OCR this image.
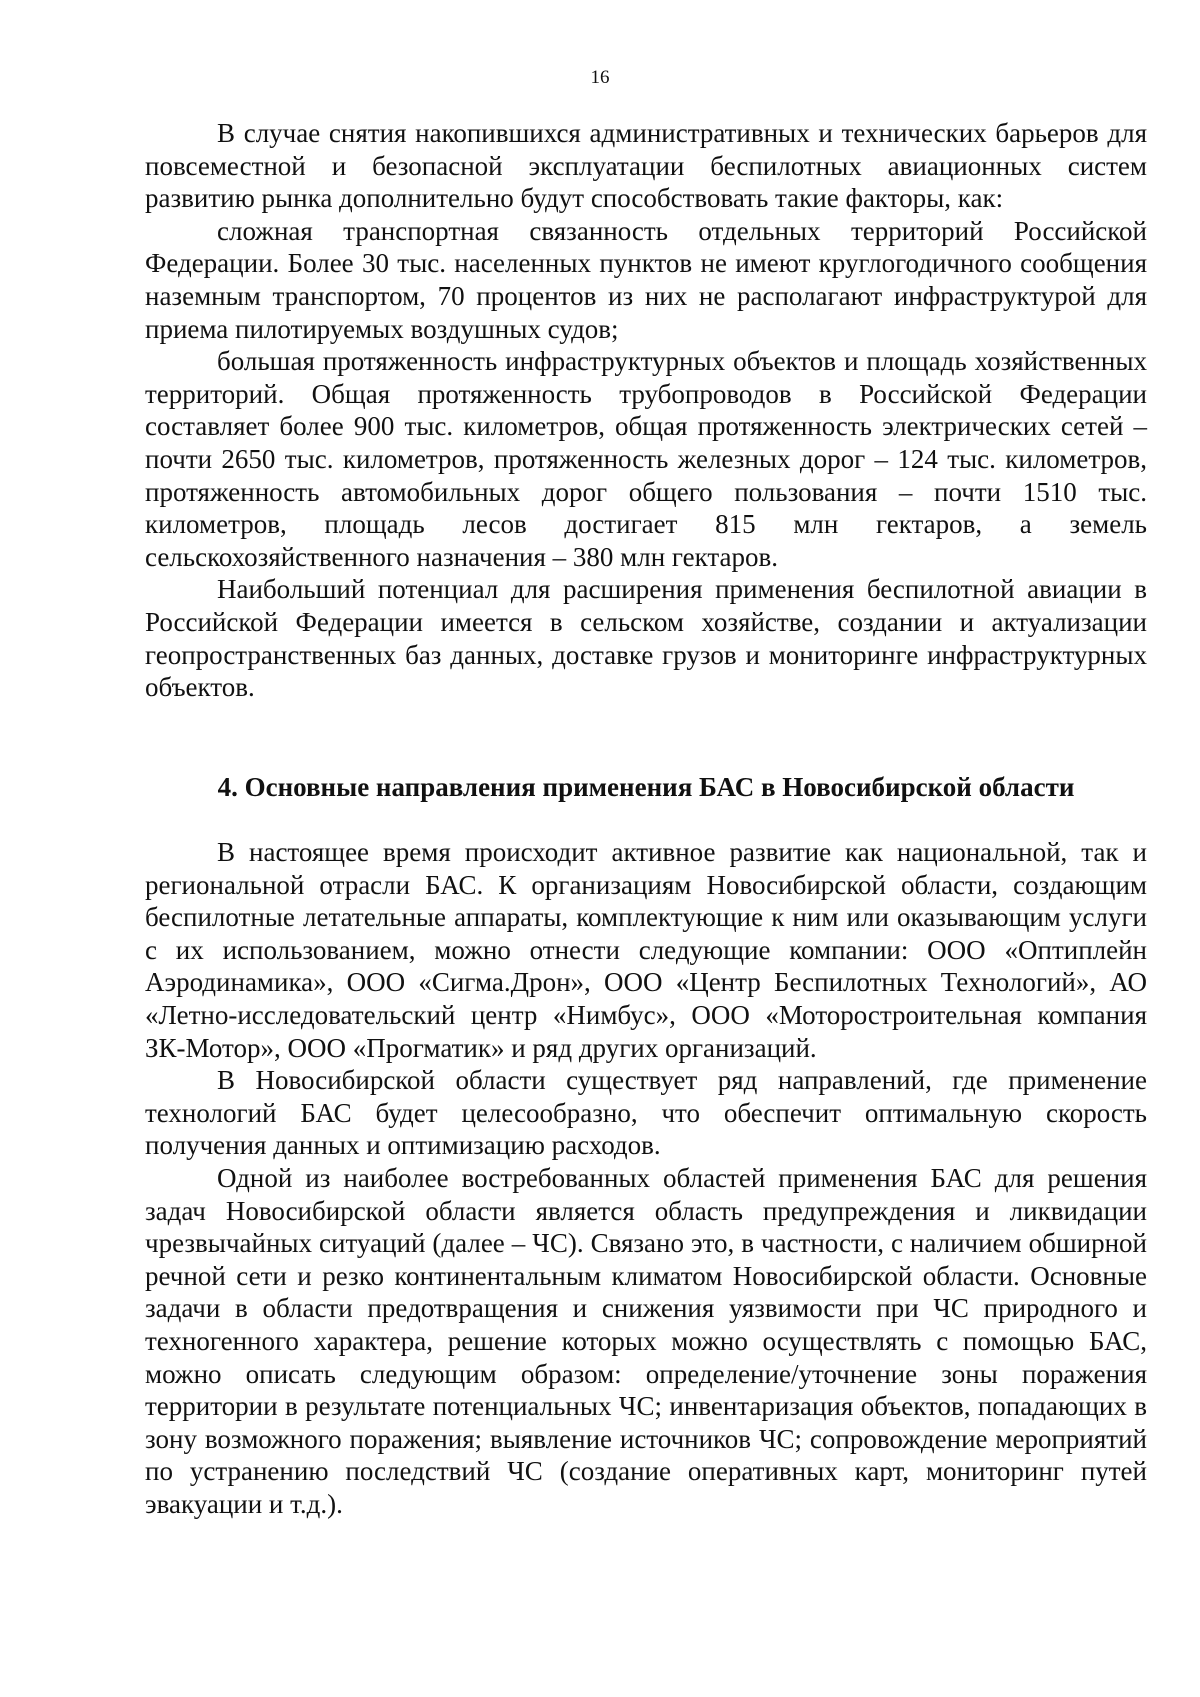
16

В случае снятия накопившихся административных и технических барьеров для повсеместной и безопасной эксплуатации беспилотных авиационных систем развитию рынка дополнительно будут способствовать такие факторы, как:

сложная транспортная связанность отдельных территорий Российской Федерации. Более 30 тыс. населенных пунктов не имеют круглогодичного сообщения наземным транспортом, 70 процентов из них не располагают инфраструктурой для приема пилотируемых воздушных судов;

большая протяженность инфраструктурных объектов и площадь хозяйственных территорий. Общая протяженность трубопроводов в Российской Федерации составляет более 900 тыс. километров, общая протяженность электрических сетей – почти 2650 тыс. километров, протяженность железных дорог – 124 тыс. километров, протяженность автомобильных дорог общего пользования – почти 1510 тыс. километров, площадь лесов достигает 815 млн гектаров, а земель сельскохозяйственного назначения – 380 млн гектаров.

Наибольший потенциал для расширения применения беспилотной авиации в Российской Федерации имеется в сельском хозяйстве, создании и актуализации геопространственных баз данных, доставке грузов и мониторинге инфраструктурных объектов.

4. Основные направления применения БАС в Новосибирской области

В настоящее время происходит активное развитие как национальной, так и региональной отрасли БАС. К организациям Новосибирской области, создающим беспилотные летательные аппараты, комплектующие к ним или оказывающим услуги с их использованием, можно отнести следующие компании: ООО «Оптиплейн Аэродинамика», ООО «Сигма.Дрон», ООО «Центр Беспилотных Технологий», АО «Летно-исследовательский центр «Нимбус», ООО «Моторостроительная компания ЗК-Мотор», ООО «Прогматик» и ряд других организаций.

В Новосибирской области существует ряд направлений, где применение технологий БАС будет целесообразно, что обеспечит оптимальную скорость получения данных и оптимизацию расходов.

Одной из наиболее востребованных областей применения БАС для решения задач Новосибирской области является область предупреждения и ликвидации чрезвычайных ситуаций (далее – ЧС). Связано это, в частности, с наличием обширной речной сети и резко континентальным климатом Новосибирской области. Основные задачи в области предотвращения и снижения уязвимости при ЧС природного и техногенного характера, решение которых можно осуществлять с помощью БАС, можно описать следующим образом: определение/уточнение зоны поражения территории в результате потенциальных ЧС; инвентаризация объектов, попадающих в зону возможного поражения; выявление источников ЧС; сопровождение мероприятий по устранению последствий ЧС (создание оперативных карт, мониторинг путей эвакуации и т.д.).
